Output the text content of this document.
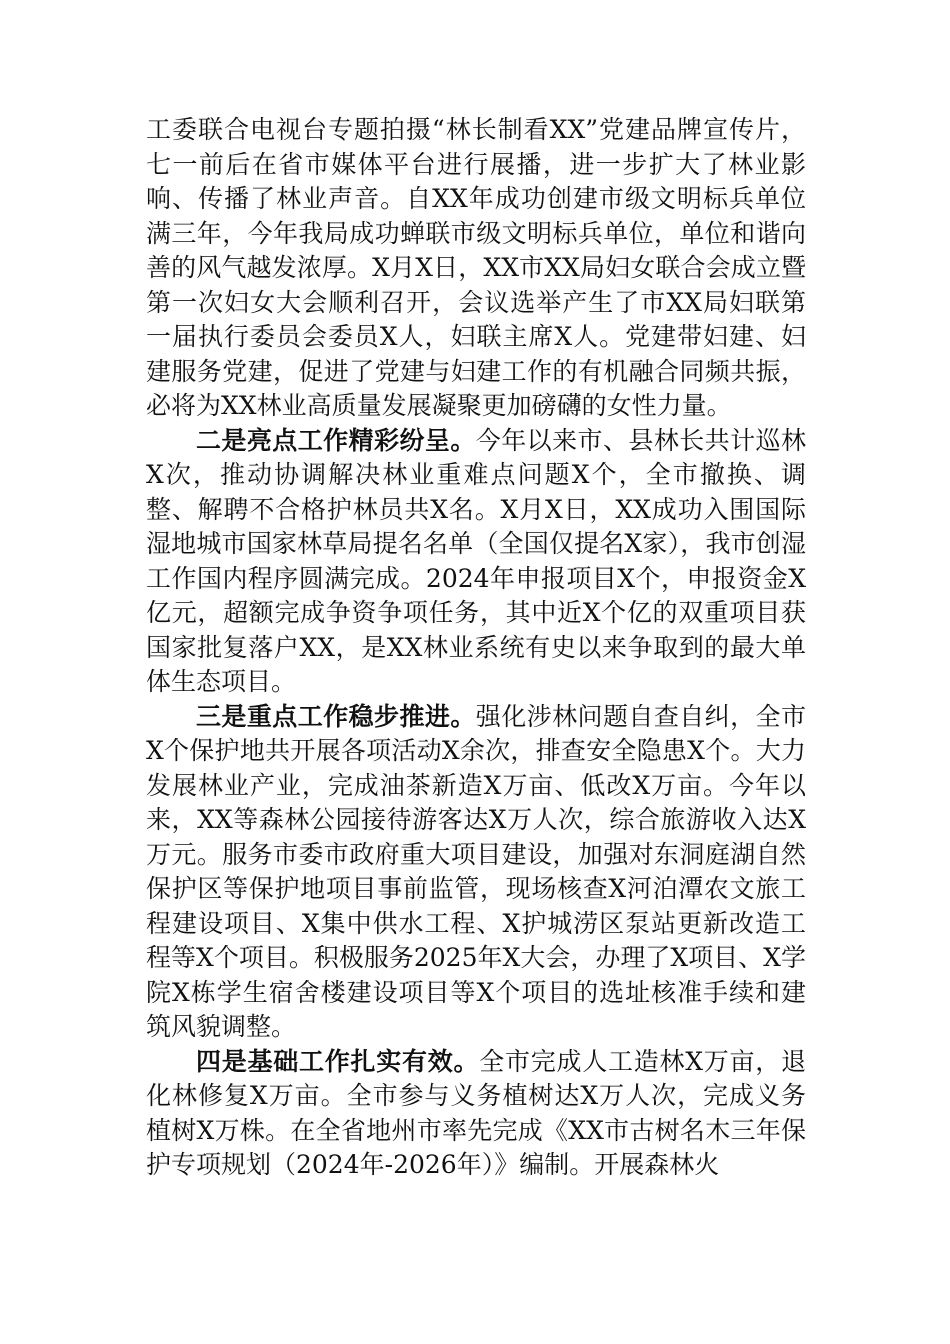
工委联合电视台专题拍摄“林长制看XX”党建品牌宣传片，七一前后在省市媒体平台进行展播，进一步扩大了林业影响、传播了林业声音。自XX年成功创建市级文明标兵单位满三年，今年我局成功蝉联市级文明标兵单位，单位和谐向善的风气越发浓厚。X月X日，XX市XX局妇女联合会成立暨第一次妇女大会顺利召开，会议选举产生了市XX局妇联第一届执行委员会委员X人，妇联主席X人。党建带妇建、妇建服务党建，促进了党建与妇建工作的有机融合同频共振，必将为XX林业高质量发展凝聚更加磅礴的女性力量。

二是亮点工作精彩纷呈。今年以来市、县林长共计巡林X次，推动协调解决林业重难点问题X个，全市撤换、调整、解聘不合格护林员共X名。X月X日，XX成功入围国际湿地城市国家林草局提名名单（全国仅提名X家），我市创湿工作国内程序圆满完成。2024年申报项目X个，申报资金X亿元，超额完成争资争项任务，其中近X个亿的双重项目获国家批复落户XX，是XX林业系统有史以来争取到的最大单体生态项目。

三是重点工作稳步推进。强化涉林问题自查自纠，全市X个保护地共开展各项活动X余次，排查安全隐患X个。大力发展林业产业，完成油茶新造X万亩、低改X万亩。今年以来，XX等森林公园接待游客达X万人次，综合旅游收入达X万元。服务市委市政府重大项目建设，加强对东洞庭湖自然保护区等保护地项目事前监管，现场核查X河泊潭农文旅工程建设项目、X集中供水工程、X护城涝区泵站更新改造工程等X个项目。积极服务2025年X大会，办理了X项目、X学院X栋学生宿舍楼建设项目等X个项目的选址核准手续和建筑风貌调整。

四是基础工作扎实有效。全市完成人工造林X万亩，退化林修复X万亩。全市参与义务植树达X万人次，完成义务植树X万株。在全省地州市率先完成《XX市古树名木三年保护专项规划（2024年-2026年）》编制。开展森林火
